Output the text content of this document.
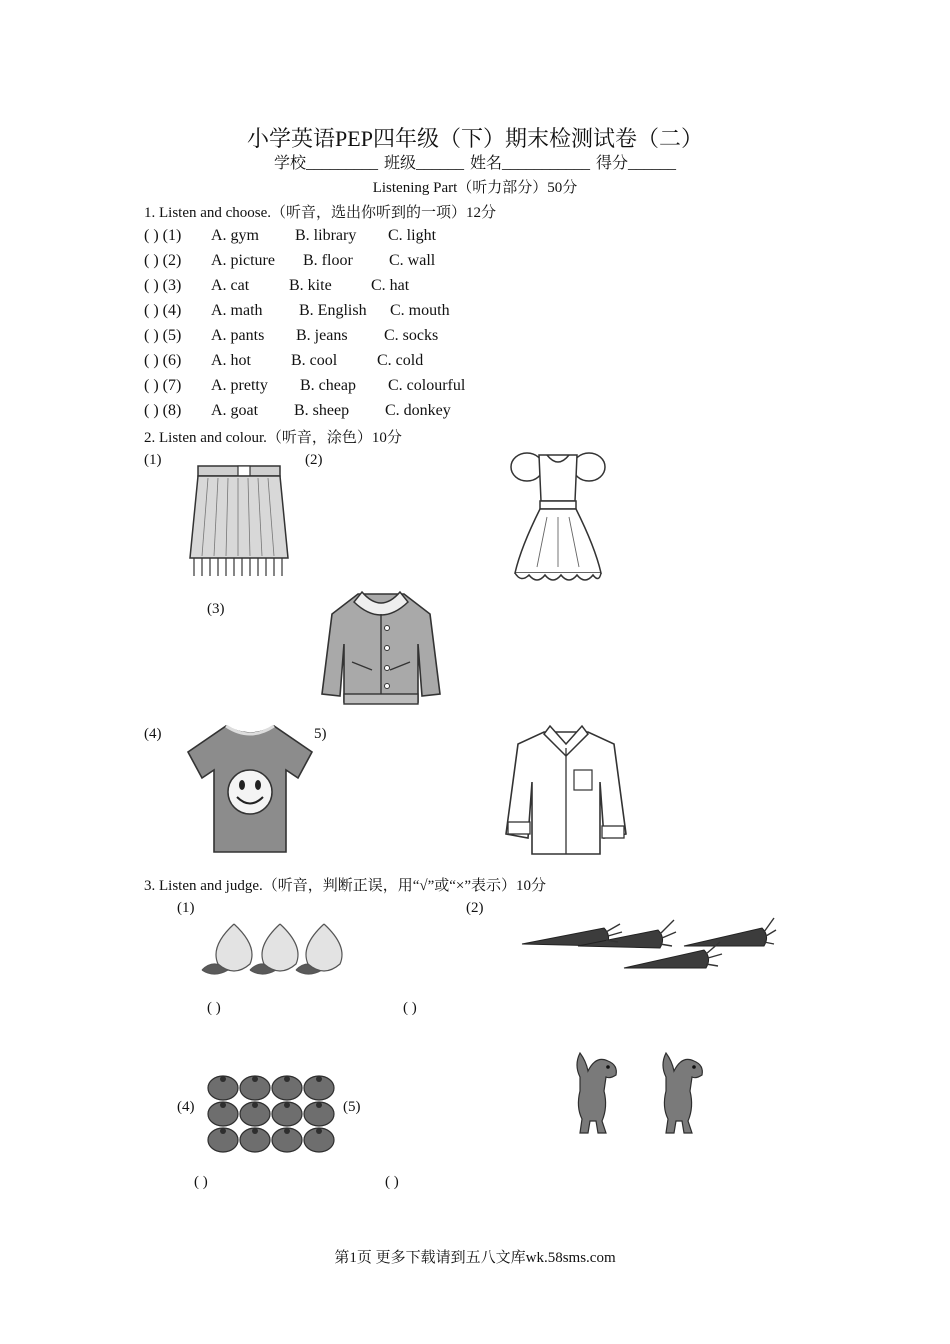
小学英语PEP四年级（下）期末检测试卷（二）
学校_________ 班级______ 姓名___________ 得分______
Listening Part（听力部分）50分
1. Listen and choose.（听音，选出你听到的一项）12分
( ) (1) A. gym B. library C. light
( ) (2) A. picture B. floor C. wall
( ) (3) A. cat B. kite C. hat
( ) (4) A. math B. English C. mouth
( ) (5) A. pants B. jeans C. socks
( ) (6) A. hot	B. cool C. cold
( ) (7) A. pretty B. cheap C. colourful
( ) (8) A. goat B. sheep C. donkey
2. Listen and colour.（听音，涂色）10分
(1)	(2)
(3)
(4)	5)
3. Listen and judge.（听音，判断正误，用“√”或“×”表示）10分
(1)	(2)
(4)	(5)
( )	( )
( )	( )
第1页 更多下载请到五八文库wk.58sms.com
